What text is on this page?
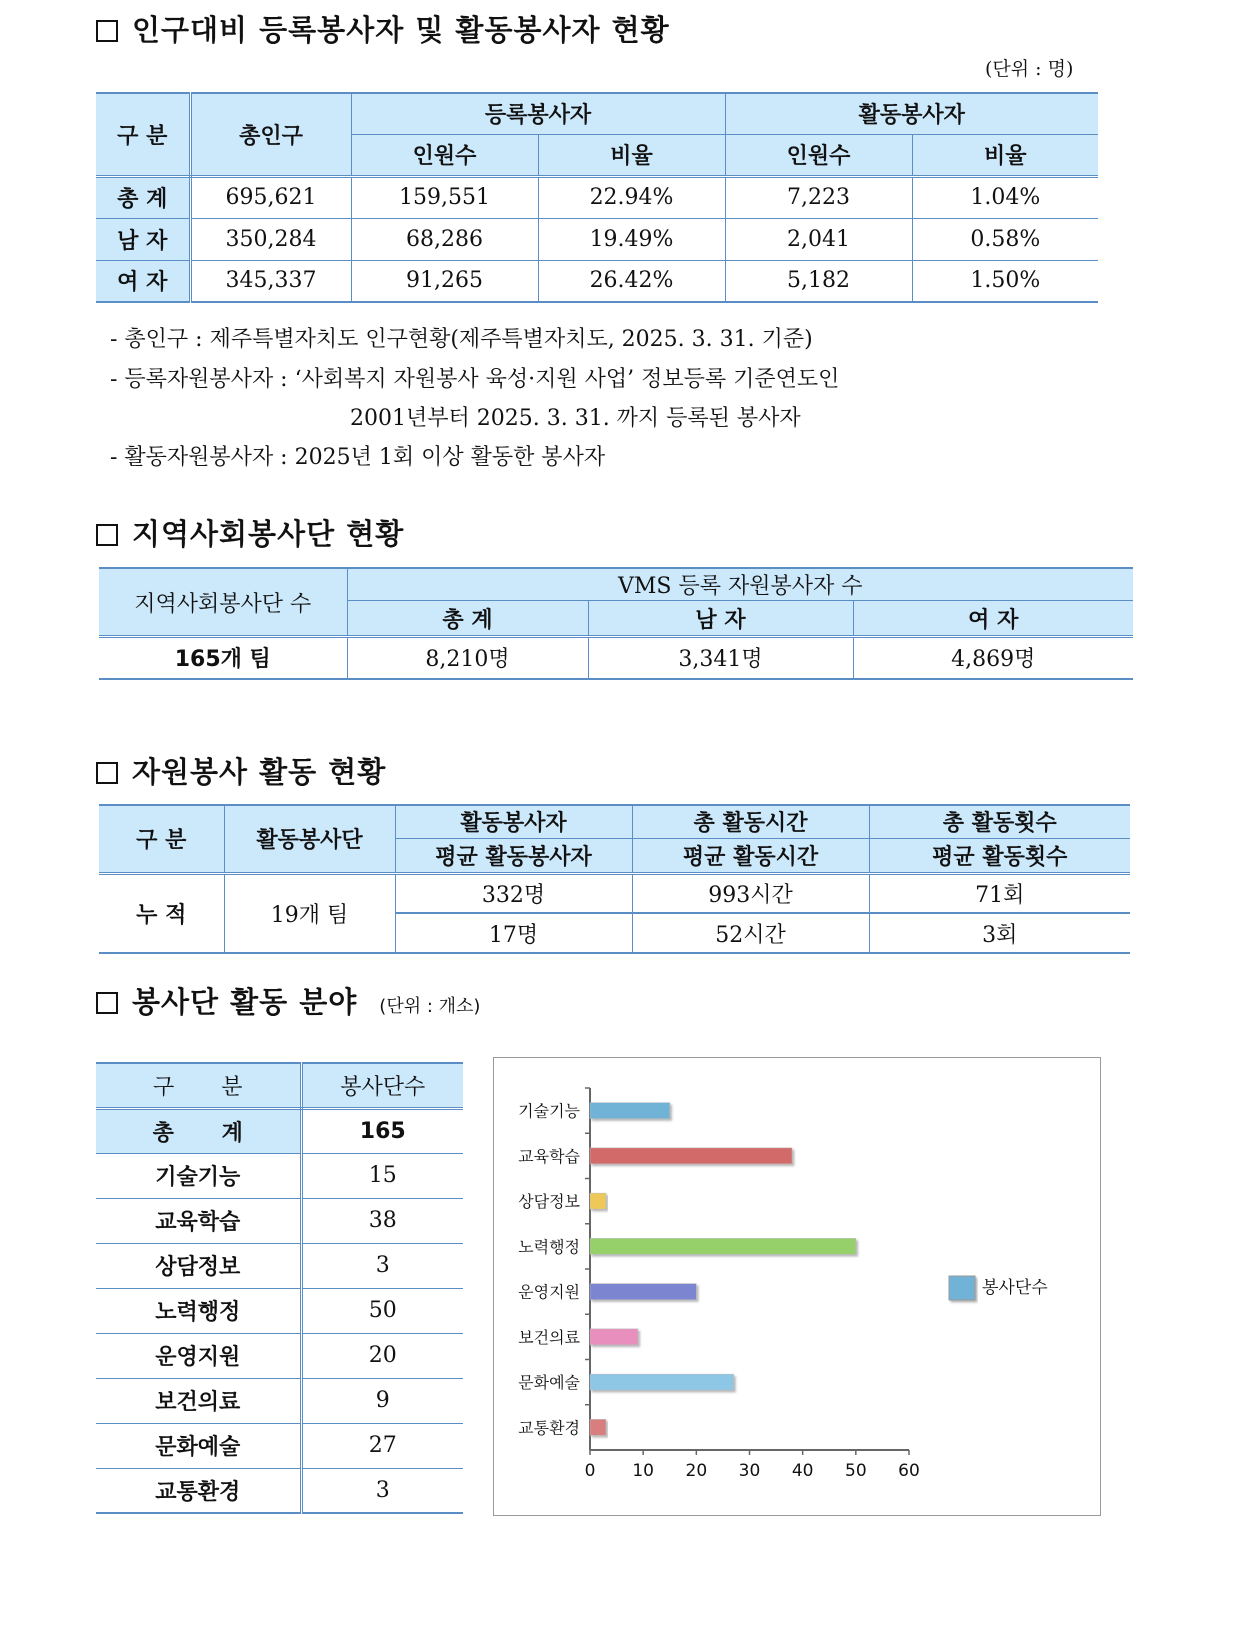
인구대비 등록봉사자 및 활동봉사자 현황
(단위 : 명)
구 분	총인구	등록봉사자		활동봉사자	
		인원수	비율	인원수	비율
총 계	695,621	159,551	22.94%	7,223	1.04%
남 자	350,284	68,286	19.49%	2,041	0.58%
여 자	345,337	91,265	26.42%	5,182	1.50%
- 총인구 : 제주특별자치도 인구현황(제주특별자치도, 2025. 3. 31. 기준)
- 등록자원봉사자 : ‘사회복지 자원봉사 육성·지원 사업’ 정보등록 기준연도인
2001년부터 2025. 3. 31. 까지 등록된 봉사자
- 활동자원봉사자 : 2025년 1회 이상 활동한 봉사자
지역사회봉사단 현황
지역사회봉사단 수	VMS 등록 자원봉사자 수		
	총 계	남 자	여 자
165개 팀	8,210명	3,341명	4,869명
자원봉사 활동 현황
구 분	활동봉사단	활동봉사자	총 활동시간	총 활동횟수
		평균 활동봉사자	평균 활동시간	평균 활동횟수
누 적	19개 팀	332명	993시간	71회
		17명	52시간	3회
봉사단 활동 분야 (단위 : 개소)
구 분	봉사단수
총 계	165
기술기능	15
교육학습	38
상담정보	3
노력행정	50
운영지원	20
보건의료	9
문화예술	27
교통환경	3
0 10 20 30 40 50 60
기술기능
교육학습
상담정보
노력행정
운영지원
보건의료
문화예술
교통환경
봉사단수
